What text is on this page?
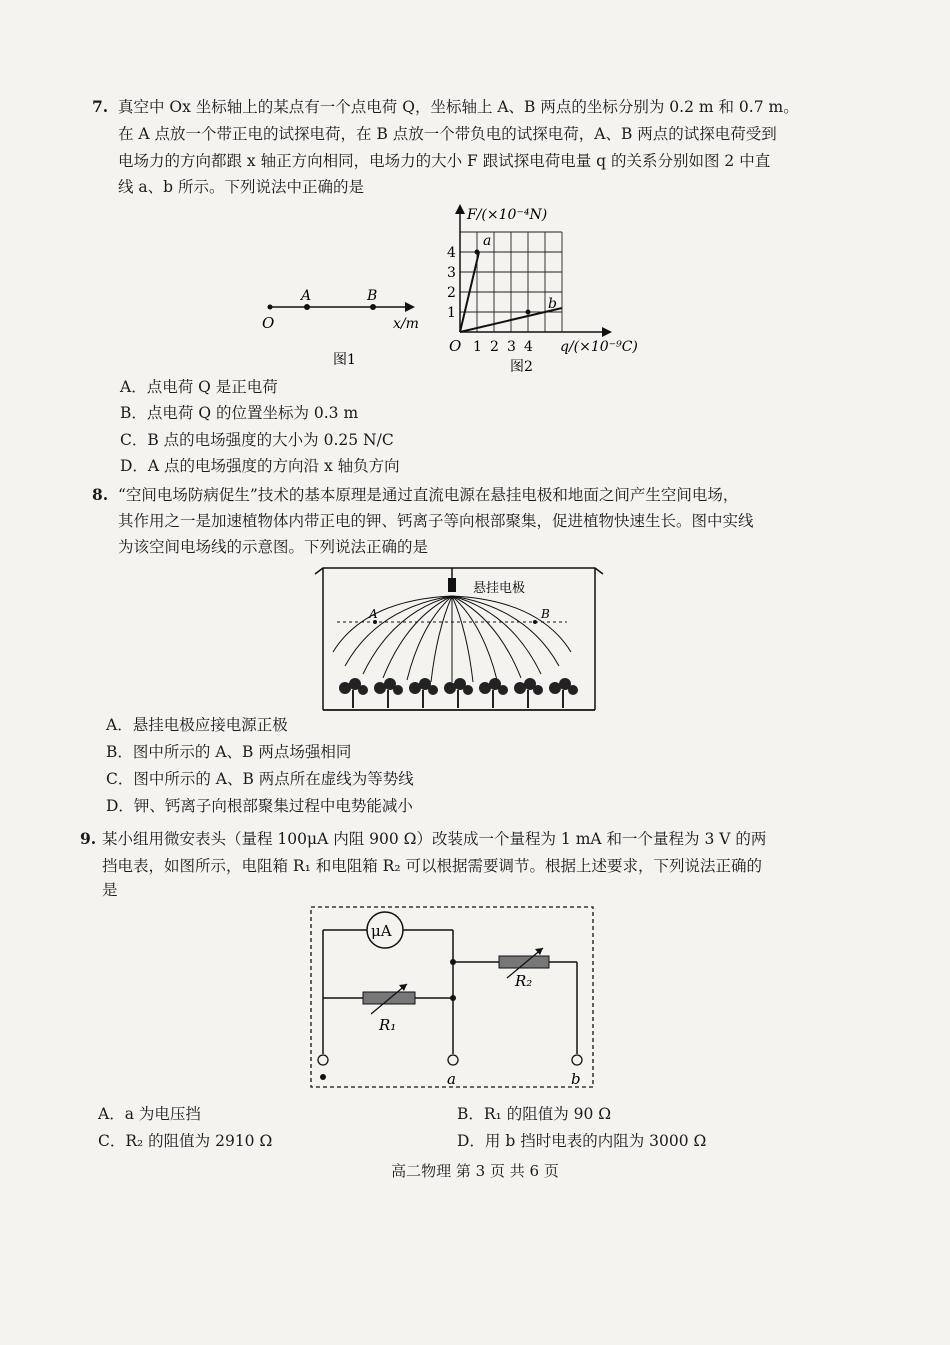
7. 真空中 Ox 坐标轴上的某点有一个点电荷 Q，坐标轴上 A、B 两点的坐标分别为 0.2 m 和 0.7 m。
在 A 点放一个带正电的试探电荷，在 B 点放一个带负电的试探电荷，A、B 两点的试探电荷受到
电场力的方向都跟 x 轴正方向相同，电场力的大小 F 跟试探电荷电量 q 的关系分别如图 2 中直
线 a、b 所示。下列说法中正确的是
O
A	B
x/m
图1
a
b
1
2
3
4
1 2 3 4
O
F/(×10⁻⁴N)
q/(×10⁻⁹C)
图2
A．点电荷 Q 是正电荷
B．点电荷 Q 的位置坐标为 0.3 m
C．B 点的电场强度的大小为 0.25 N/C
D．A 点的电场强度的方向沿 x 轴负方向
8. “空间电场防病促生”技术的基本原理是通过直流电源在悬挂电极和地面之间产生空间电场，
其作用之一是加速植物体内带正电的钾、钙离子等向根部聚集，促进植物快速生长。图中实线
为该空间电场线的示意图。下列说法正确的是
悬挂电极
A	B
A．悬挂电极应接电源正极
B．图中所示的 A、B 两点场强相同
C．图中所示的 A、B 两点所在虚线为等势线
D．钾、钙离子向根部聚集过程中电势能减小
9. 某小组用微安表头（量程 100μA 内阻 900 Ω）改装成一个量程为 1 mA 和一个量程为 3 V 的两
挡电表，如图所示，电阻箱 R₁ 和电阻箱 R₂ 可以根据需要调节。根据上述要求，下列说法正确的
是
μA
R₁
R₂
a	b
A．a 为电压挡	B．R₁ 的阻值为 90 Ω
C．R₂ 的阻值为 2910 Ω	D．用 b 挡时电表的内阻为 3000 Ω
高二物理 第 3 页 共 6 页
